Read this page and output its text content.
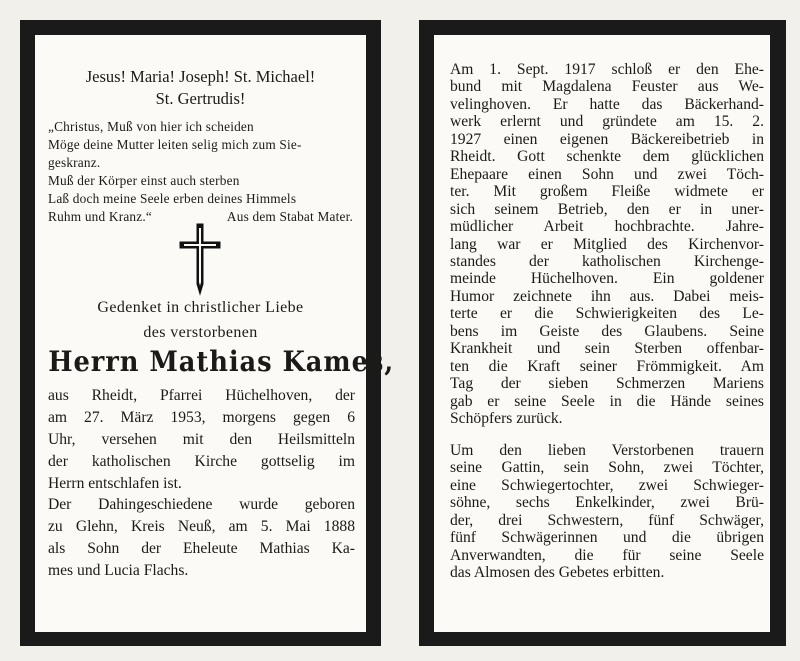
Jesus! Maria! Joseph! St. Michael!
St. Gertrudis!
„Christus, Muß von hier ich scheiden
Möge deine Mutter leiten selig mich zum Sie-
geskranz.
Muß der Körper einst auch sterben
Laß doch meine Seele erben deines Himmels
Ruhm und Kranz.“	Aus dem Stabat Mater.
Gedenket in christlicher Liebe
des verstorbenen
Herrn Mathias Kames,
aus Rheidt, Pfarrei Hüchelhoven, der
am 27. März 1953, morgens gegen 6
Uhr, versehen mit den Heilsmitteln
der katholischen Kirche gottselig im
Herrn entschlafen ist.
Der Dahingeschiedene wurde geboren
zu Glehn, Kreis Neuß, am 5. Mai 1888
als Sohn der Eheleute Mathias Ka-
mes und Lucia Flachs.
Am 1. Sept. 1917 schloß er den Ehe-
bund mit Magdalena Feuster aus We-
velinghoven. Er hatte das Bäckerhand-
werk erlernt und gründete am 15. 2.
1927 einen eigenen Bäckereibetrieb in
Rheidt. Gott schenkte dem glücklichen
Ehepaare einen Sohn und zwei Töch-
ter. Mit großem Fleiße widmete er
sich seinem Betrieb, den er in uner-
müdlicher Arbeit hochbrachte. Jahre-
lang war er Mitglied des Kirchenvor-
standes der katholischen Kirchenge-
meinde Hüchelhoven. Ein goldener
Humor zeichnete ihn aus. Dabei meis-
terte er die Schwierigkeiten des Le-
bens im Geiste des Glaubens. Seine
Krankheit und sein Sterben offenbar-
ten die Kraft seiner Frömmigkeit. Am
Tag der sieben Schmerzen Mariens
gab er seine Seele in die Hände seines
Schöpfers zurück.
Um den lieben Verstorbenen trauern
seine Gattin, sein Sohn, zwei Töchter,
eine Schwiegertochter, zwei Schwieger-
söhne, sechs Enkelkinder, zwei Brü-
der, drei Schwestern, fünf Schwäger,
fünf Schwägerinnen und die übrigen
Anverwandten, die für seine Seele
das Almosen des Gebetes erbitten.
